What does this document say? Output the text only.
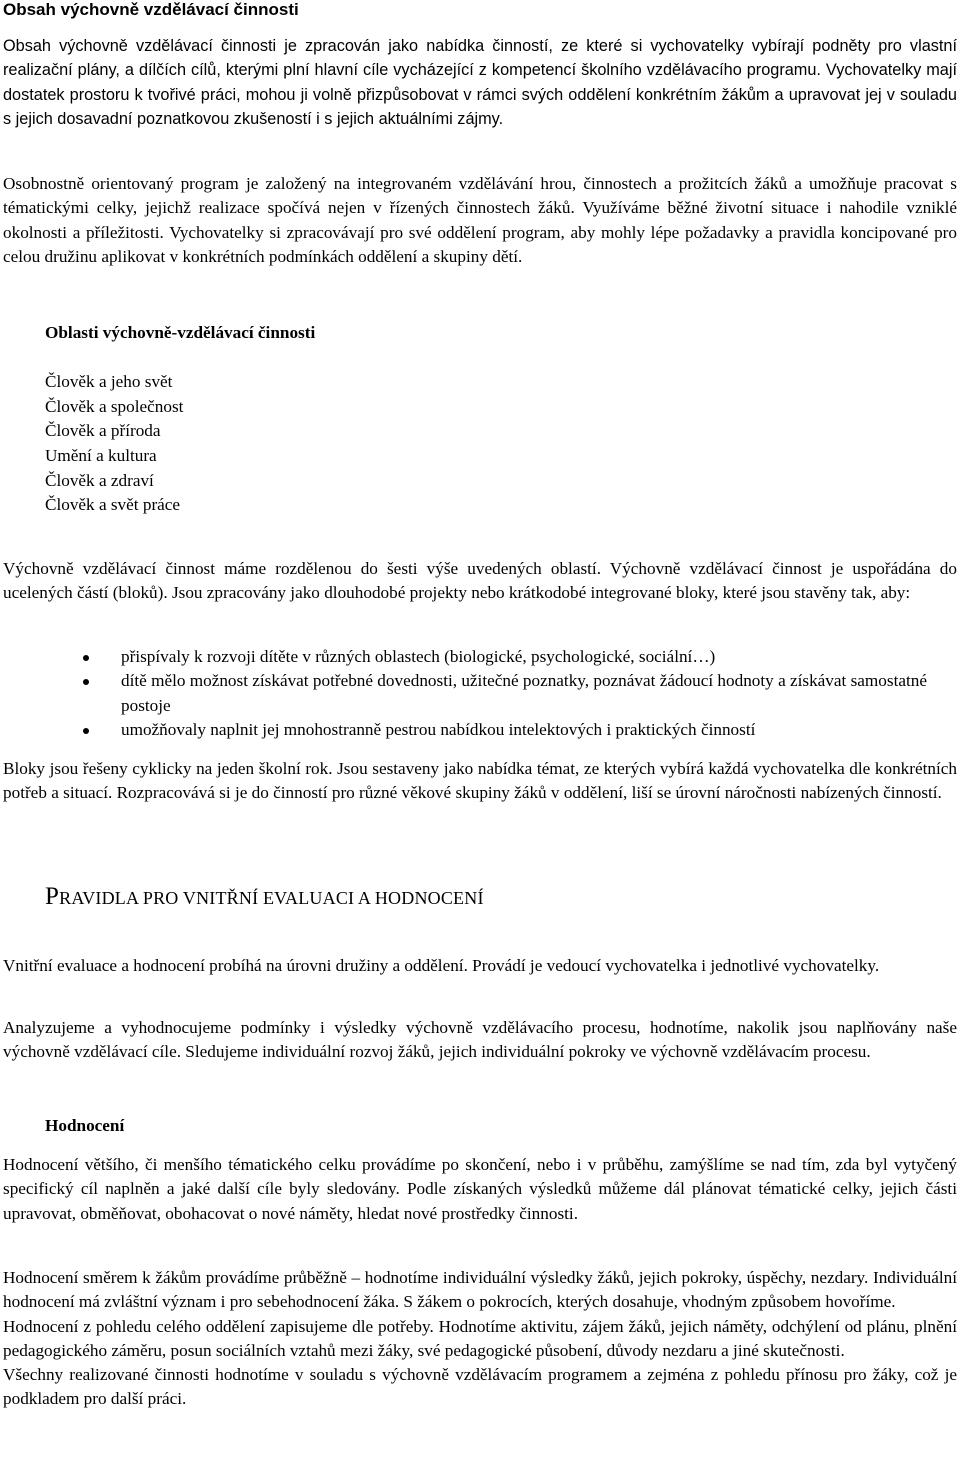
Obsah výchovně vzdělávací činnosti

Obsah výchovně vzdělávací činnosti je zpracován jako nabídka činností, ze které si vychovatelky vybírají podněty pro vlastní realizační plány, a dílčích cílů, kterými plní hlavní cíle vycházející z kompetencí školního vzdělávacího programu. Vychovatelky mají dostatek prostoru k tvořivé práci, mohou ji volně přizpůsobovat v rámci svých oddělení konkrétním žákům a upravovat jej v souladu s jejich dosavadní poznatkovou zkušeností i s jejich aktuálními zájmy.

Osobnostně orientovaný program je založený na integrovaném vzdělávání hrou, činnostech a prožitcích žáků a umožňuje pracovat s tématickými celky, jejichž realizace spočívá nejen v řízených činnostech žáků. Využíváme běžné životní situace i nahodile vzniklé okolnosti a příležitosti. Vychovatelky si zpracovávají pro své oddělení program, aby mohly lépe požadavky a pravidla koncipované pro celou družinu aplikovat v konkrétních podmínkách oddělení a skupiny dětí.

Oblasti výchovně-vzdělávací činnosti
Člověk a jeho svět
Člověk a společnost
Člověk a příroda
Umění a kultura
Člověk a zdraví
Člověk a svět práce

Výchovně vzdělávací činnost máme rozdělenou do šesti výše uvedených oblastí. Výchovně vzdělávací činnost je uspořádána do ucelených částí (bloků). Jsou zpracovány jako dlouhodobé projekty nebo krátkodobé integrované bloky, které jsou stavěny tak, aby:

přispívaly k rozvoji dítěte v různých oblastech (biologické, psychologické, sociální…)
dítě mělo možnost získávat potřebné dovednosti, užitečné poznatky, poznávat žádoucí hodnoty a získávat samostatné postoje
umožňovaly naplnit jej mnohostranně pestrou nabídkou intelektových i praktických činností

Bloky jsou řešeny cyklicky na jeden školní rok. Jsou sestaveny jako nabídka témat, ze kterých vybírá každá vychovatelka dle konkrétních potřeb a situací. Rozpracovává si je do činností pro různé věkové skupiny žáků v oddělení, liší se úrovní náročnosti nabízených činností.

PRAVIDLA PRO VNITŘNÍ EVALUACI A HODNOCENÍ

Vnitřní evaluace a hodnocení probíhá na úrovni družiny a oddělení. Provádí je vedoucí vychovatelka i jednotlivé vychovatelky.

Analyzujeme a vyhodnocujeme podmínky i výsledky výchovně vzdělávacího procesu, hodnotíme, nakolik jsou naplňovány naše výchovně vzdělávací cíle. Sledujeme individuální rozvoj žáků, jejich individuální pokroky ve výchovně vzdělávacím procesu.

Hodnocení

Hodnocení většího, či menšího tématického celku provádíme po skončení, nebo i v průběhu, zamýšlíme se nad tím, zda byl vytyčený specifický cíl naplněn a jaké další cíle byly sledovány. Podle získaných výsledků můžeme dál plánovat tématické celky, jejich části upravovat, obměňovat, obohacovat o nové náměty, hledat nové prostředky činnosti.

Hodnocení směrem k žákům provádíme průběžně – hodnotíme individuální výsledky žáků, jejich pokroky, úspěchy, nezdary. Individuální hodnocení má zvláštní význam i pro sebehodnocení žáka. S žákem o pokrocích, kterých dosahuje, vhodným způsobem hovoříme.

Hodnocení z pohledu celého oddělení zapisujeme dle potřeby. Hodnotíme aktivitu, zájem žáků, jejich náměty, odchýlení od plánu, plnění pedagogického záměru, posun sociálních vztahů mezi žáky, své pedagogické působení, důvody nezdaru a jiné skutečnosti.

Všechny realizované činnosti hodnotíme v souladu s výchovně vzdělávacím programem a zejména z pohledu přínosu pro žáky, což je podkladem pro další práci.
